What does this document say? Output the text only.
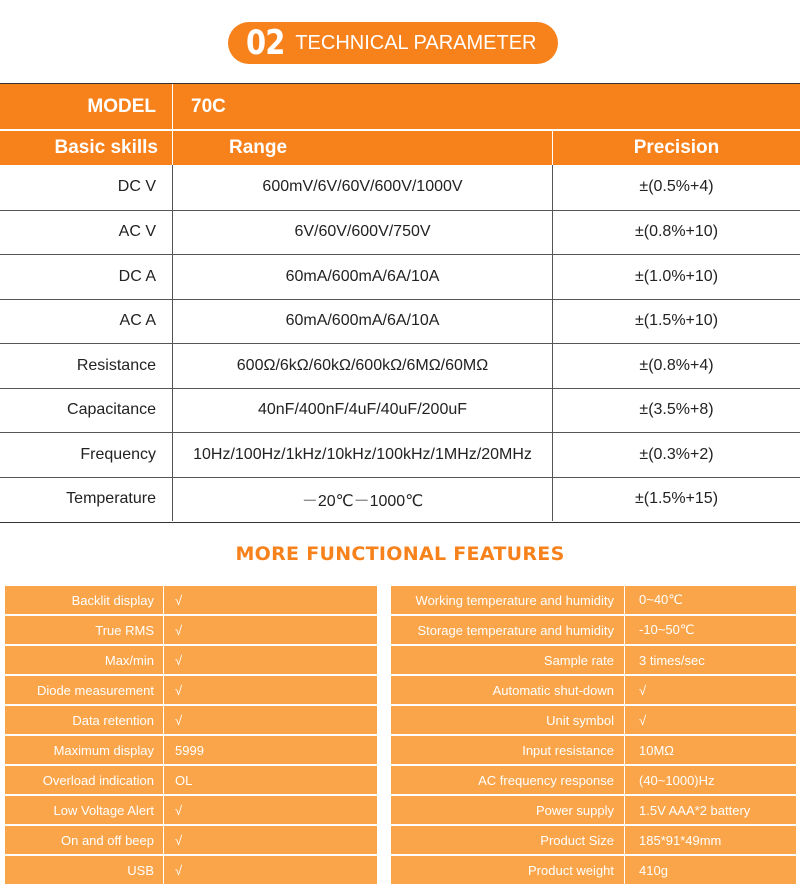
02 TECHNICAL PARAMETER
MODEL	70C
Basic skills	Range	Precision
DC V	600mV/6V/60V/600V/1000V	±(0.5%+4)
AC V	6V/60V/600V/750V	±(0.8%+10)
DC A	60mA/600mA/6A/10A	±(1.0%+10)
AC A	60mA/600mA/6A/10A	±(1.5%+10)
Resistance	600Ω/6kΩ/60kΩ/600kΩ/6MΩ/60MΩ	±(0.8%+4)
Capacitance	40nF/400nF/4uF/40uF/200uF	±(3.5%+8)
Frequency	10Hz/100Hz/1kHz/10kHz/100kHz/1MHz/20MHz	±(0.3%+2)
Temperature	－20℃－1000℃	±(1.5%+15)
MORE FUNCTIONAL FEATURES
Backlit display	√
True RMS	√
Max/min	√
Diode measurement	√
Data retention	√
Maximum display	5999
Overload indication	OL
Low Voltage Alert	√
On and off beep	√
USB	√
Working temperature and humidity	0~40℃
Storage temperature and humidity	-10~50℃
Sample rate	3 times/sec
Automatic shut-down	√
Unit symbol	√
Input resistance	10MΩ
AC frequency response	(40~1000)Hz
Power supply	1.5V AAA*2 battery
Product Size	185*91*49mm
Product weight	410g
